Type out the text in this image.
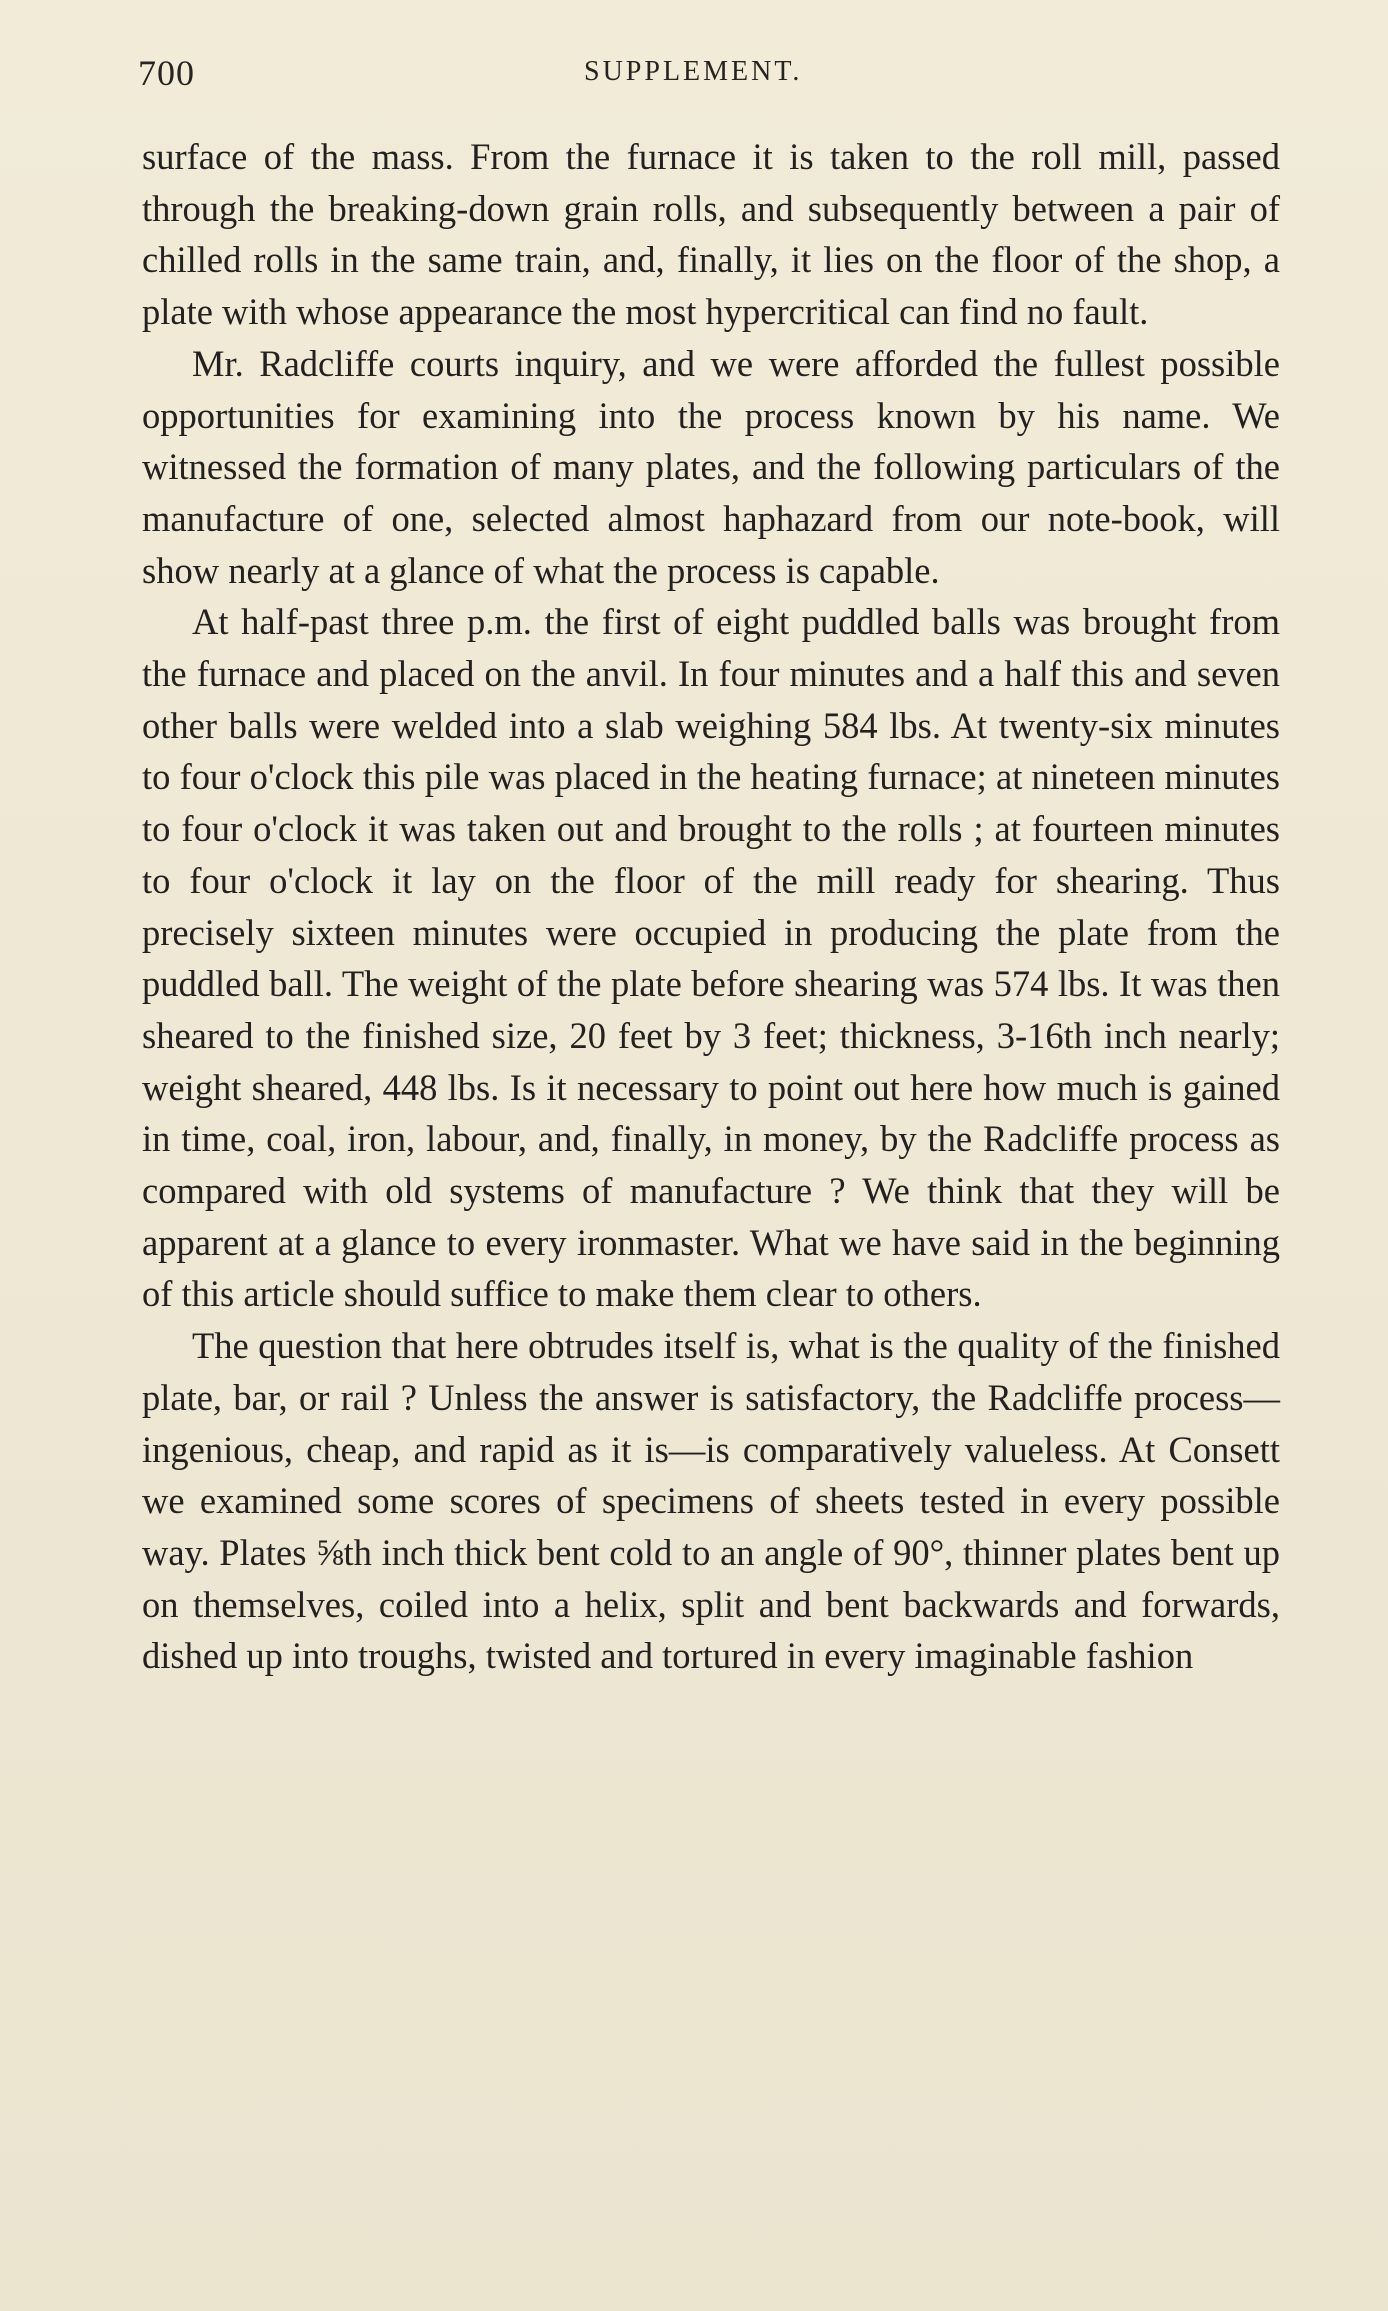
700	SUPPLEMENT.

surface of the mass. From the furnace it is taken to the roll mill, passed through the breaking-down grain rolls, and subsequently between a pair of chilled rolls in the same train, and, finally, it lies on the floor of the shop, a plate with whose appearance the most hypercritical can find no fault.

Mr. Radcliffe courts inquiry, and we were afforded the fullest possible opportunities for examining into the process known by his name. We witnessed the formation of many plates, and the following particulars of the manufacture of one, selected almost haphazard from our note-book, will show nearly at a glance of what the process is capable.

At half-past three p.m. the first of eight puddled balls was brought from the furnace and placed on the anvil. In four minutes and a half this and seven other balls were welded into a slab weighing 584 lbs. At twenty-six minutes to four o'clock this pile was placed in the heating furnace; at nineteen minutes to four o'clock it was taken out and brought to the rolls ; at fourteen minutes to four o'clock it lay on the floor of the mill ready for shearing. Thus precisely sixteen minutes were occupied in producing the plate from the puddled ball. The weight of the plate before shearing was 574 lbs. It was then sheared to the finished size, 20 feet by 3 feet; thickness, 3-16th inch nearly; weight sheared, 448 lbs. Is it necessary to point out here how much is gained in time, coal, iron, labour, and, finally, in money, by the Radcliffe process as compared with old systems of manufacture ? We think that they will be apparent at a glance to every ironmaster. What we have said in the beginning of this article should suffice to make them clear to others.

The question that here obtrudes itself is, what is the quality of the finished plate, bar, or rail ? Unless the answer is satisfactory, the Radcliffe process—ingenious, cheap, and rapid as it is—is comparatively valueless. At Consett we examined some scores of specimens of sheets tested in every possible way. Plates ⅝th inch thick bent cold to an angle of 90°, thinner plates bent up on themselves, coiled into a helix, split and bent backwards and forwards, dished up into troughs, twisted and tortured in every imaginable fashion
